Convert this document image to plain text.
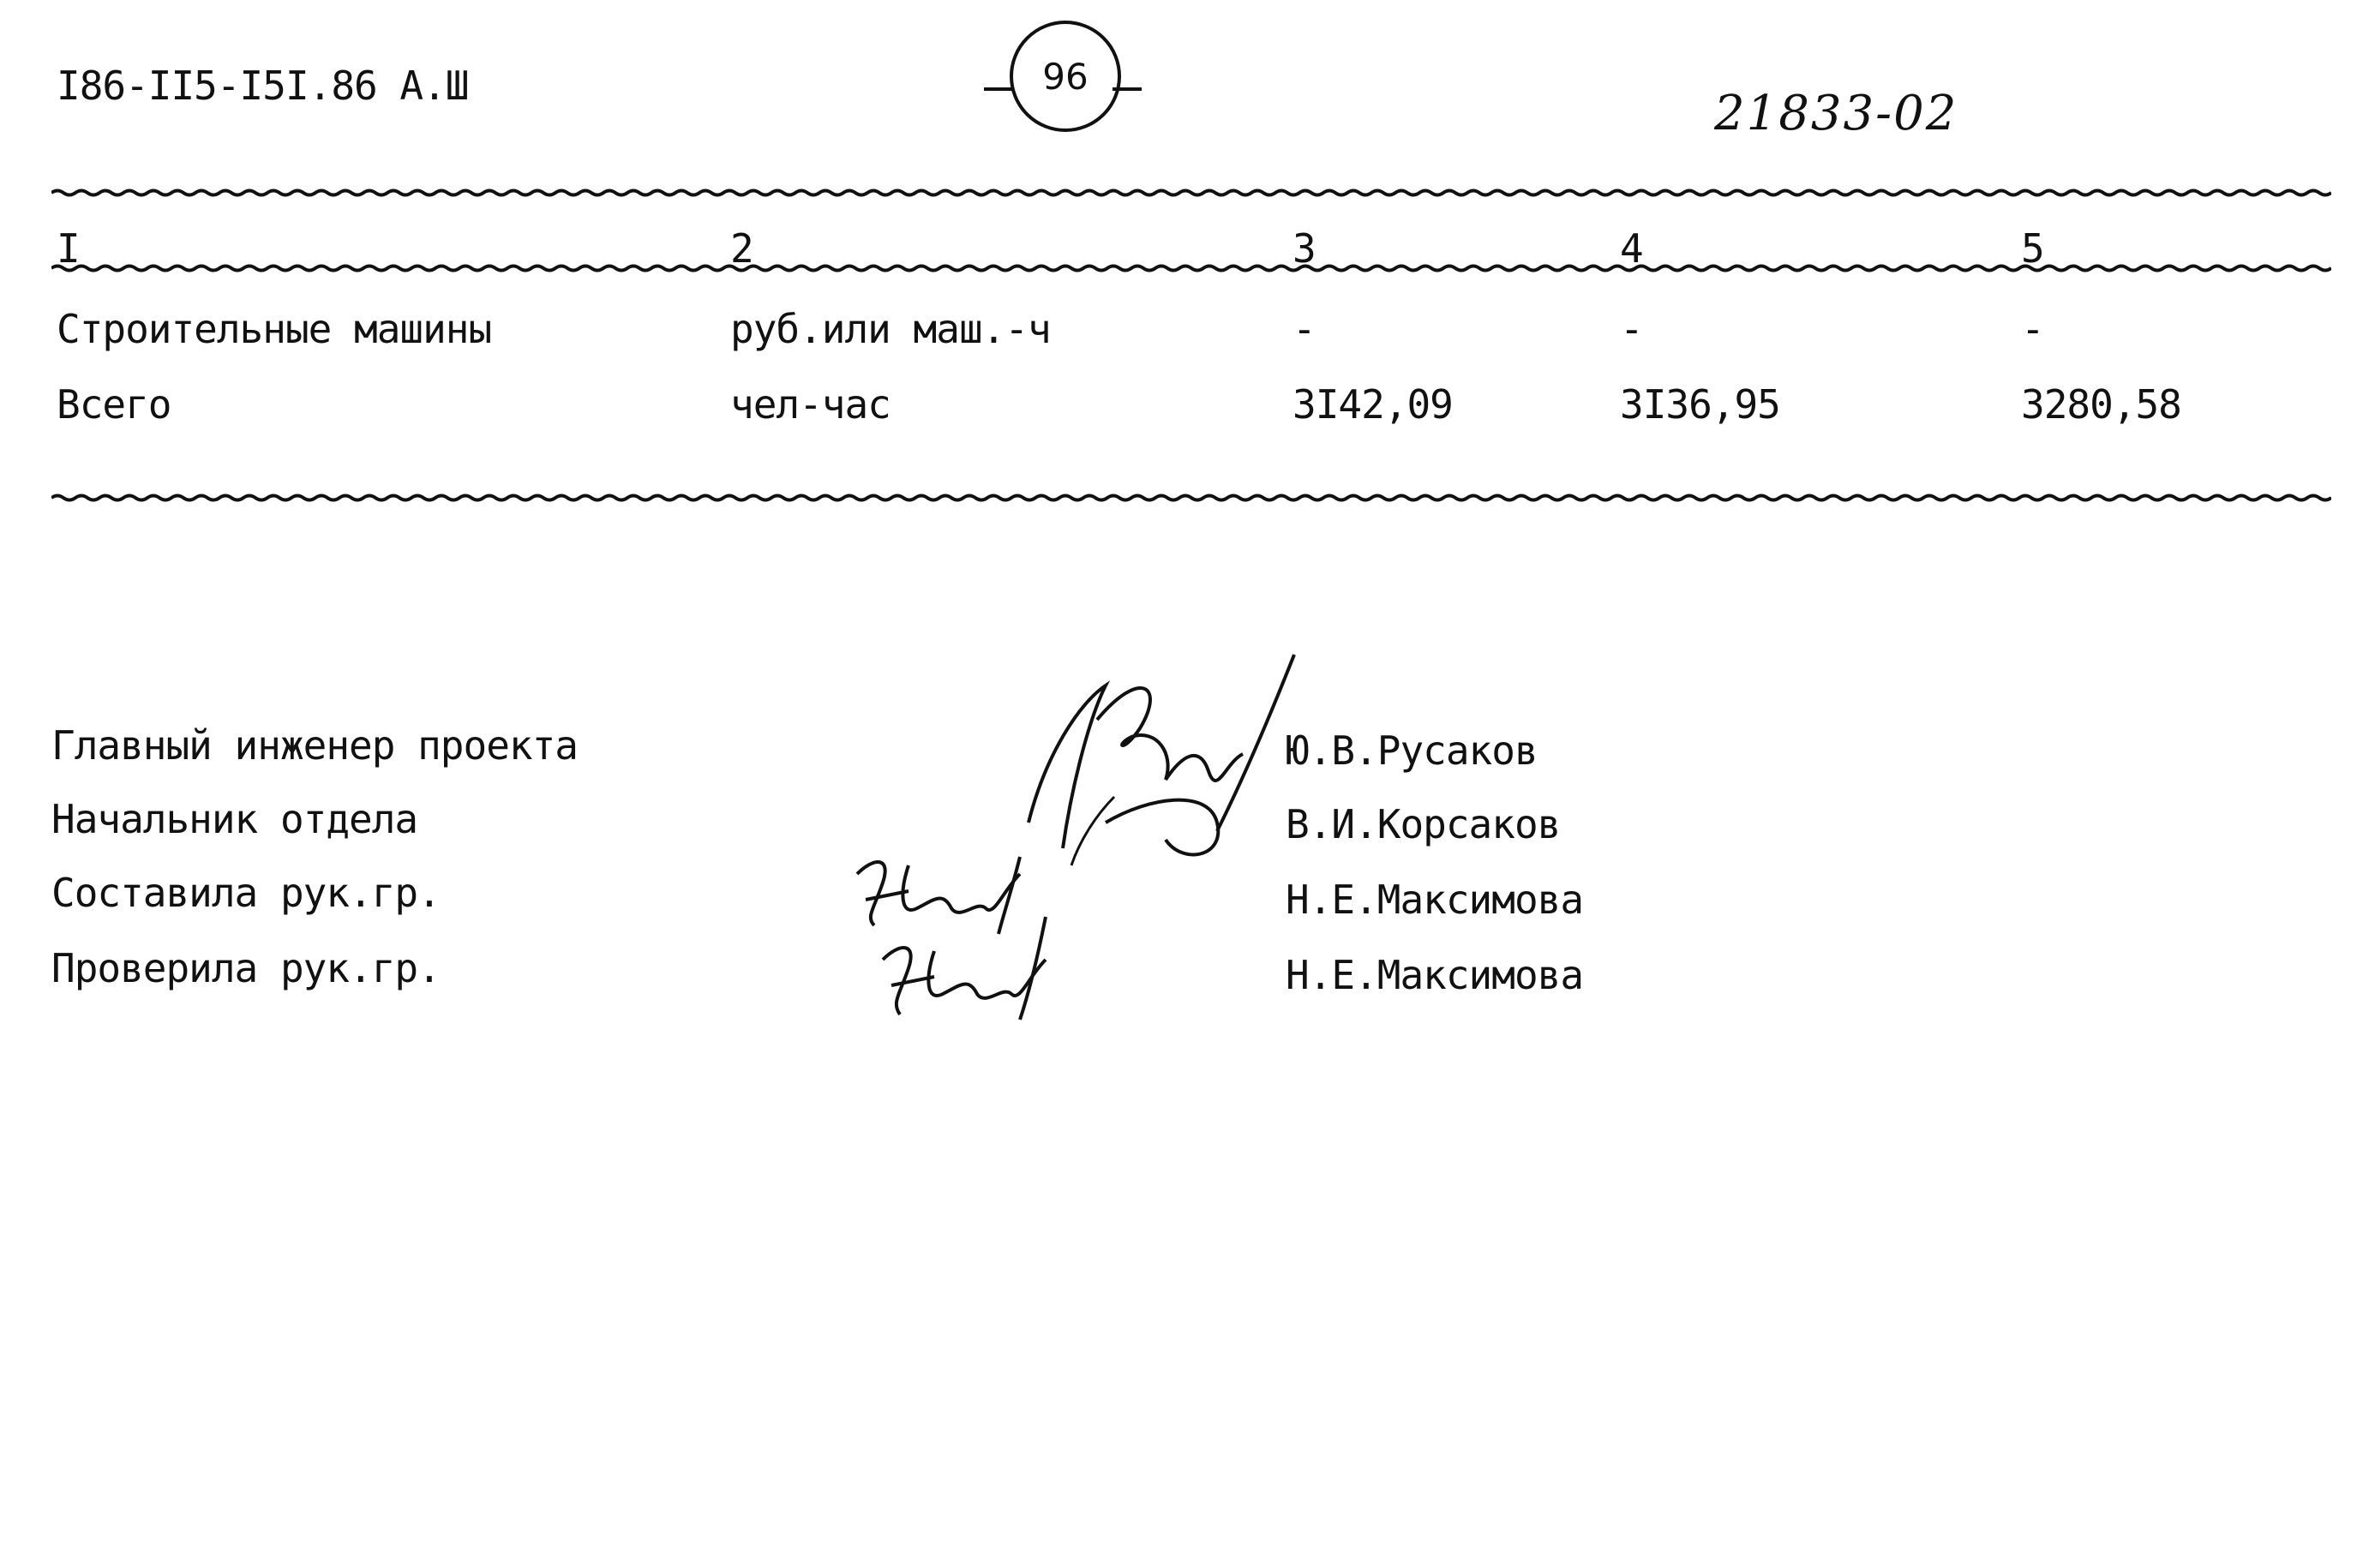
I86-II5-I5I.86 A.Ш	96
21833-02
I	2	3	4	5
Строительные машины	руб.или маш.-ч	-	-	-
Всего	чел-час	3I42,09	3I36,95	3280,58
Главный инженер проекта
Начальник отдела
Составила рук.гр.
Проверила рук.гр.
Ю.В.Русаков
В.И.Корсаков
Н.Е.Максимова
Н.Е.Максимова
